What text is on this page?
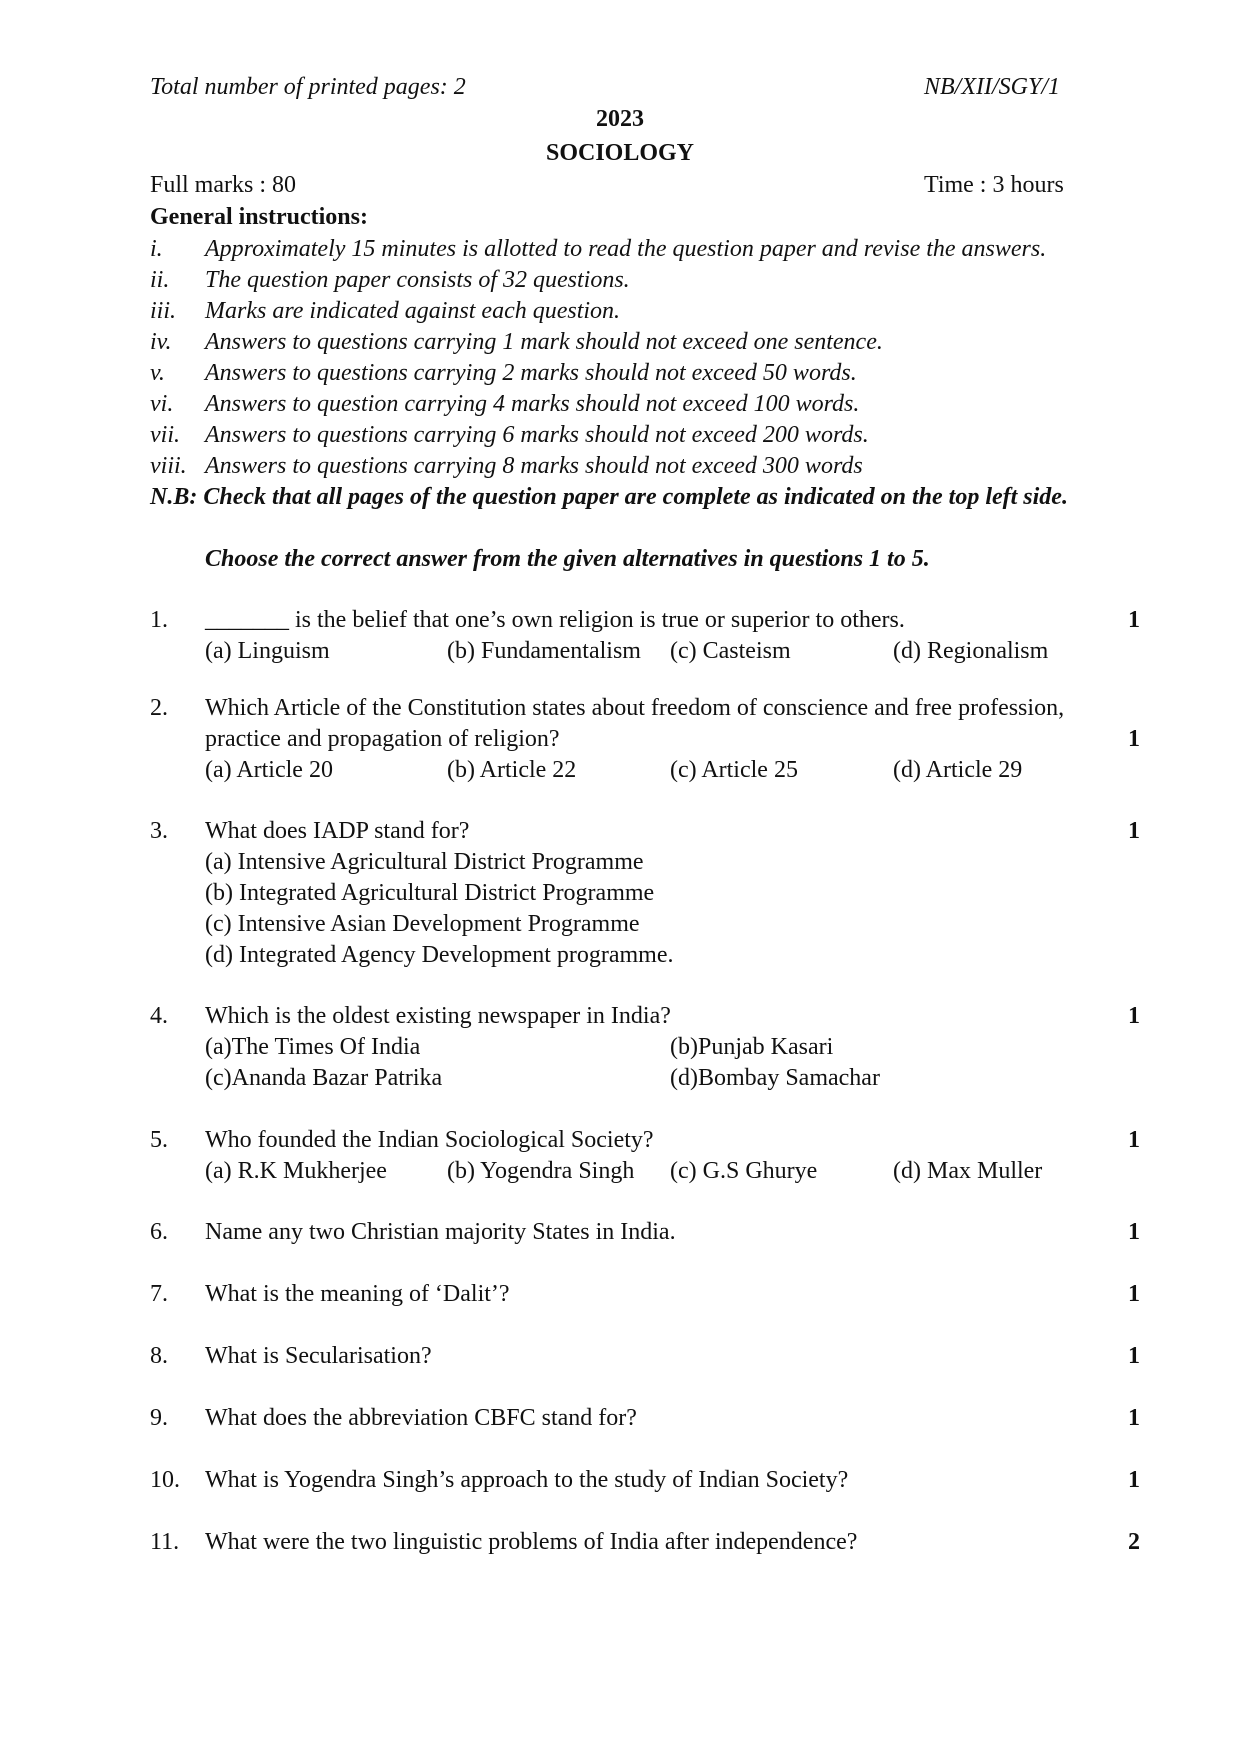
Total number of printed pages: 2	NB/XII/SGY/1
2023
SOCIOLOGY
Full marks : 80	Time : 3 hours
General instructions:
i. Approximately 15 minutes is allotted to read the question paper and revise the answers.
ii. The question paper consists of 32 questions.
iii. Marks are indicated against each question.
iv. Answers to questions carrying 1 mark should not exceed one sentence.
v. Answers to questions carrying 2 marks should not exceed 50 words.
vi. Answers to question carrying 4 marks should not exceed 100 words.
vii. Answers to questions carrying 6 marks should not exceed 200 words.
viii. Answers to questions carrying 8 marks should not exceed 300 words
N.B: Check that all pages of the question paper are complete as indicated on the top left side.
Choose the correct answer from the given alternatives in questions 1 to 5.
1. _______ is the belief that one’s own religion is true or superior to others.	1
(a) Linguism	(b) Fundamentalism (c) Casteism	(d) Regionalism
2. Which Article of the Constitution states about freedom of conscience and free profession,
practice and propagation of religion?	1
(a) Article 20	(b) Article 22	(c) Article 25	(d) Article 29
3. What does IADP stand for?	1
(a) Intensive Agricultural District Programme
(b) Integrated Agricultural District Programme
(c) Intensive Asian Development Programme
(d) Integrated Agency Development programme.
4. Which is the oldest existing newspaper in India?	1
(a)The Times Of India	(b)Punjab Kasari
(c)Ananda Bazar Patrika	(d)Bombay Samachar
5. Who founded the Indian Sociological Society?	1
(a) R.K Mukherjee	(b) Yogendra Singh (c) G.S Ghurye	(d) Max Muller
6. Name any two Christian majority States in India.	1
7. What is the meaning of ‘Dalit’?	1
8. What is Secularisation?	1
9. What does the abbreviation CBFC stand for?	1
10. What is Yogendra Singh’s approach to the study of Indian Society?	1
11. What were the two linguistic problems of India after independence?	2
